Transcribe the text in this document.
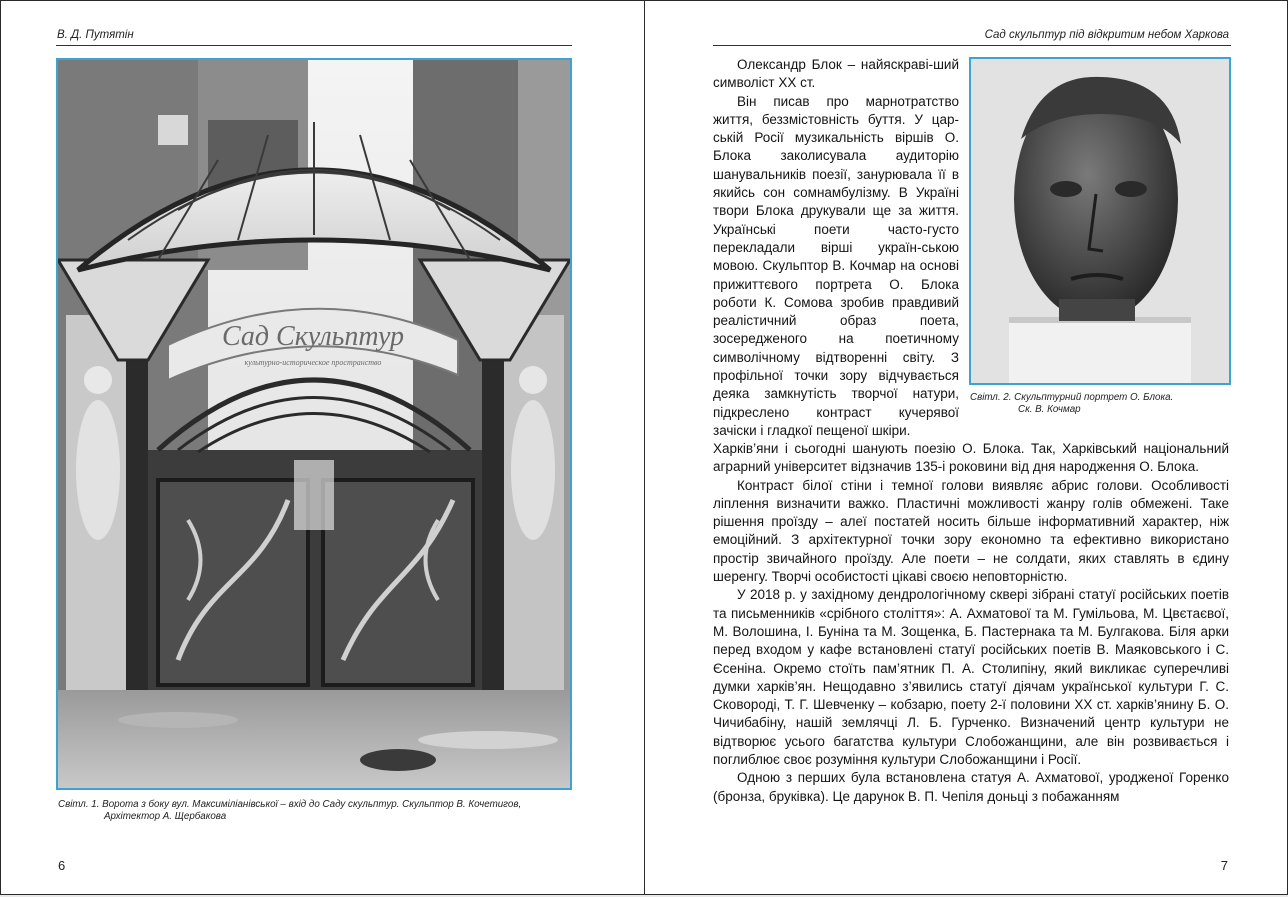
В. Д. Путятін
Сад Скульптур
культурно-историческое пространство
Світл. 1. Ворота з боку вул. Максиміліанівської – вхід до Саду скульптур. Скульптор В. Кочетигов,
Архітектор А. Щербакова
6
Сад скульптур під відкритим небом Харкова

Олександр Блок – найяскраві-ший символіст ХХ ст.

Він писав про марнотратство життя, беззмістовність буття. У цар-ській Росії музикальність віршів О. Блока заколисувала аудиторію шанувальників поезії, занурювала її в якийсь сон сомнамбулізму. В Україні твори Блока друкували ще за життя. Українські поети часто-густо перекладали вірші україн-ською мовою. Скульптор В. Кочмар на основі прижиттєвого портрета О. Блока роботи К. Сомова зробив правдивий реалістичний образ поета, зосередженого на поетичному символічному відтворенні світу. З профільної точки зору відчувається деяка замкнутість творчої натури, підкреслено контраст кучерявої зачіски і гладкої пещеної шкіри.

Світл. 2. Скульптурний портрет О. Блока.
Ск. В. Кочмар

Харків’яни і сьогодні шанують поезію О. Блока. Так, Харківський національний аграрний університет відзначив 135-і роковини від дня народження О. Блока.

Контраст білої стіни і темної голови виявляє абрис голови. Особливості ліплення визначити важко. Пластичні можливості жанру голів обмежені. Таке рішення проїзду – алеї постатей носить більше інформативний характер, ніж емоційний. З архітектурної точки зору економно та ефективно використано простір звичайного проїзду. Але поети – не солдати, яких ставлять в єдину шеренгу. Творчі особистості цікаві своєю неповторністю.

У 2018 р. у західному дендрологічному сквері зібрані статуї російських поетів та письменників «срібного століття»: А. Ахматової та М. Гумільова, М. Цвєтаєвої, М. Волошина, І. Буніна та М. Зощенка, Б. Пастернака та М. Булгакова. Біля арки перед входом у кафе встановлені статуї російських поетів В. Маяковського і С. Єсеніна. Окремо стоїть пам’ятник П. А. Столипіну, який викликає суперечливі думки харків’ян. Нещодавно з’явились статуї діячам української культури Г. С. Сковороді, Т. Г. Шевченку – кобзарю, поету 2-ї половини ХХ ст. харків’янину Б. О. Чичибабіну, нашій землячці Л. Б. Гурченко. Визначений центр культури не відтворює усього багатства культури Слобожанщини, але він розвивається і поглиблює своє розуміння культури Слобожанщини і Росії.

Одною з перших була встановлена статуя А. Ахматової, уродженої Горенко (бронза, бруківка). Це дарунок В. П. Чепіля доньці з побажанням

7
